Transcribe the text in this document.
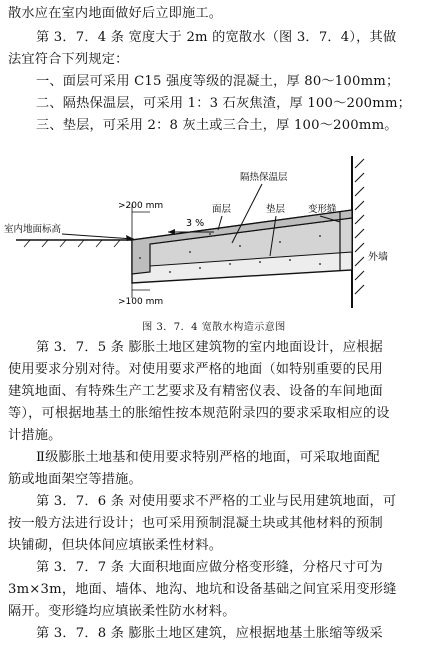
散水应在室内地面做好后立即施工。
第 3．7．4 条 宽度大于 2m 的宽散水（图 3．7．4），其做
法宜符合下列规定：
一、面层可采用 C15 强度等级的混凝土，厚 80～100mm；
二、隔热保温层，可采用 1：3 石灰焦渣，厚 100～200mm；
三、垫层，可采用 2：8 灰土或三合土，厚 100～200mm。
室内地面标高
>200 mm
隔热保温层
面层	垫层 变形缝
3 %
外墙
>100 mm
图 3．7．4 宽散水构造示意图
第 3．7．5 条 膨胀土地区建筑物的室内地面设计，应根据
使用要求分别对待。对使用要求严格的地面（如特别重要的民用
建筑地面、有特殊生产工艺要求及有精密仪表、设备的车间地面
等），可根据地基土的胀缩性按本规范附录四的要求采取相应的设
计措施。
Ⅱ级膨胀土地基和使用要求特别严格的地面，可采取地面配
筋或地面架空等措施。
第 3．7．6 条 对使用要求不严格的工业与民用建筑地面，可
按一般方法进行设计；也可采用预制混凝土块或其他材料的预制
块铺砌，但块体间应填嵌柔性材料。
第 3．7．7 条 大面积地面应做分格变形缝，分格尺寸可为
3m×3m，地面、墙体、地沟、地坑和设备基础之间宜采用变形缝
隔开。变形缝均应填嵌柔性防水材料。
第 3．7．8 条 膨胀土地区建筑，应根据地基土胀缩等级采
